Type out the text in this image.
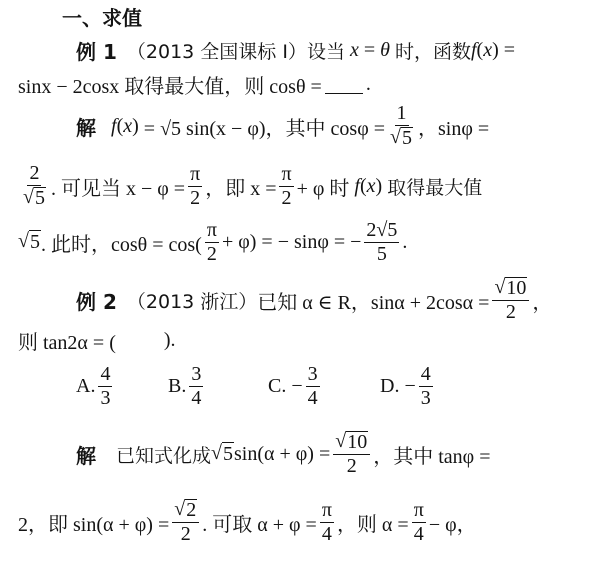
一、求值
例 1
（2013 全国课标 Ⅰ） 设当 x = θ 时，函数 f(x) =
sinx − 2cosx 取得最大值，则 cosθ = .
解
f(x) = √5 sin(x − φ)，其中 $\cos\varphi = \frac{1}{√ 5}$ ，sinφ =
$\frac{2}{√ 5}$ . 可见当 $x - \varphi = \frac{\pi}{2}$ ，即 $x = \frac{\pi}{2} + \varphi$ 时 f(x) 取得最大值
√ 5 . 此时，$\cos\theta = \cos( \frac{\pi}{2} + \varphi)$ = − sinφ = − $\frac{2√5}{5}$ .
例 2
（2013 浙江） 已知 α ∈ R，$\sin\alpha + 2\cos\alpha = \frac{√ 10}{2}$ ，
则 tan2α = ( ).
A. $\frac{4}{3}$	B. $\frac{3}{4}$	C.
− $\frac{3}{4}$	D.
− $\frac{4}{3}$
解
已知式化成 √ 5 $\sin(\alpha + \varphi) = \frac{√ 10}{2}$ ，其中 tanφ =
2，即 $\sin(\alpha + \varphi) = \frac{√ 2}{2}$ . 可取 $\alpha + \varphi = \frac{\pi}{4}$ ，则 $\alpha = \frac{\pi}{4} - \varphi$，
